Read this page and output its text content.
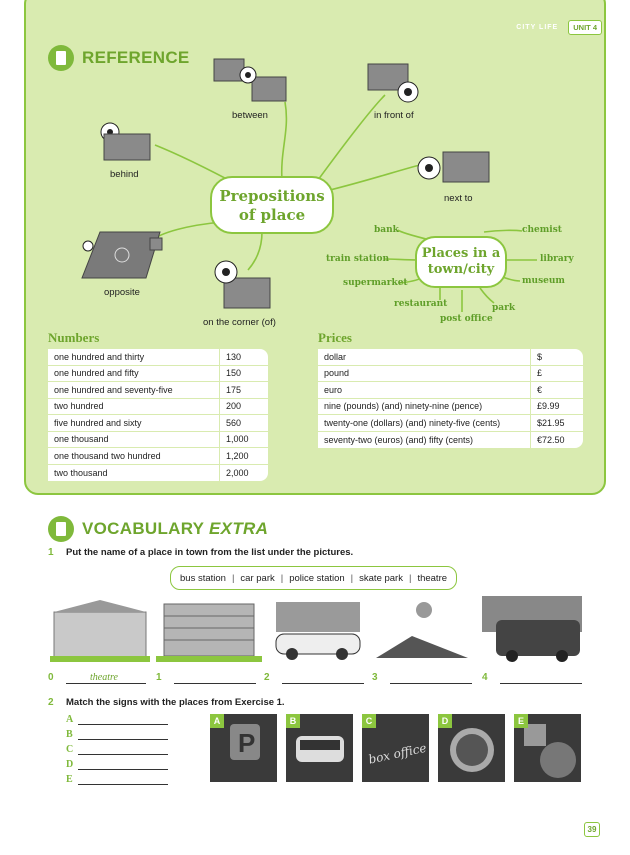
CITY LIFE	UNIT 4
REFERENCE
between	in front of
behind
next to
opposite
on the corner (of)
Prepositions
of place
Places in a
town/city
bank	chemist
train station	library
supermarket	museum
restaurant	park
post office
Numbers
one hundred and thirty	130
one hundred and fifty	150
one hundred and seventy-five	175
two hundred	200
five hundred and sixty	560
one thousand	1,000
one thousand two hundred	1,200
two thousand	2,000
Prices
dollar	$
pound	£
euro	€
nine (pounds) (and) ninety-nine (pence)	£9.99
twenty-one (dollars) (and) ninety-five (cents)	$21.95
seventy-two (euros) (and) fifty (cents)	€72.50
VOCABULARY EXTRA
1 Put the name of a place in town from the list under the pictures.
bus station | car park | police station | skate park | theatre
0	theatre	1	2	3	4
2 Match the signs with the places from Exercise 1.
A
B
C
D
E
P
A	B
box office
C	D	E
39
